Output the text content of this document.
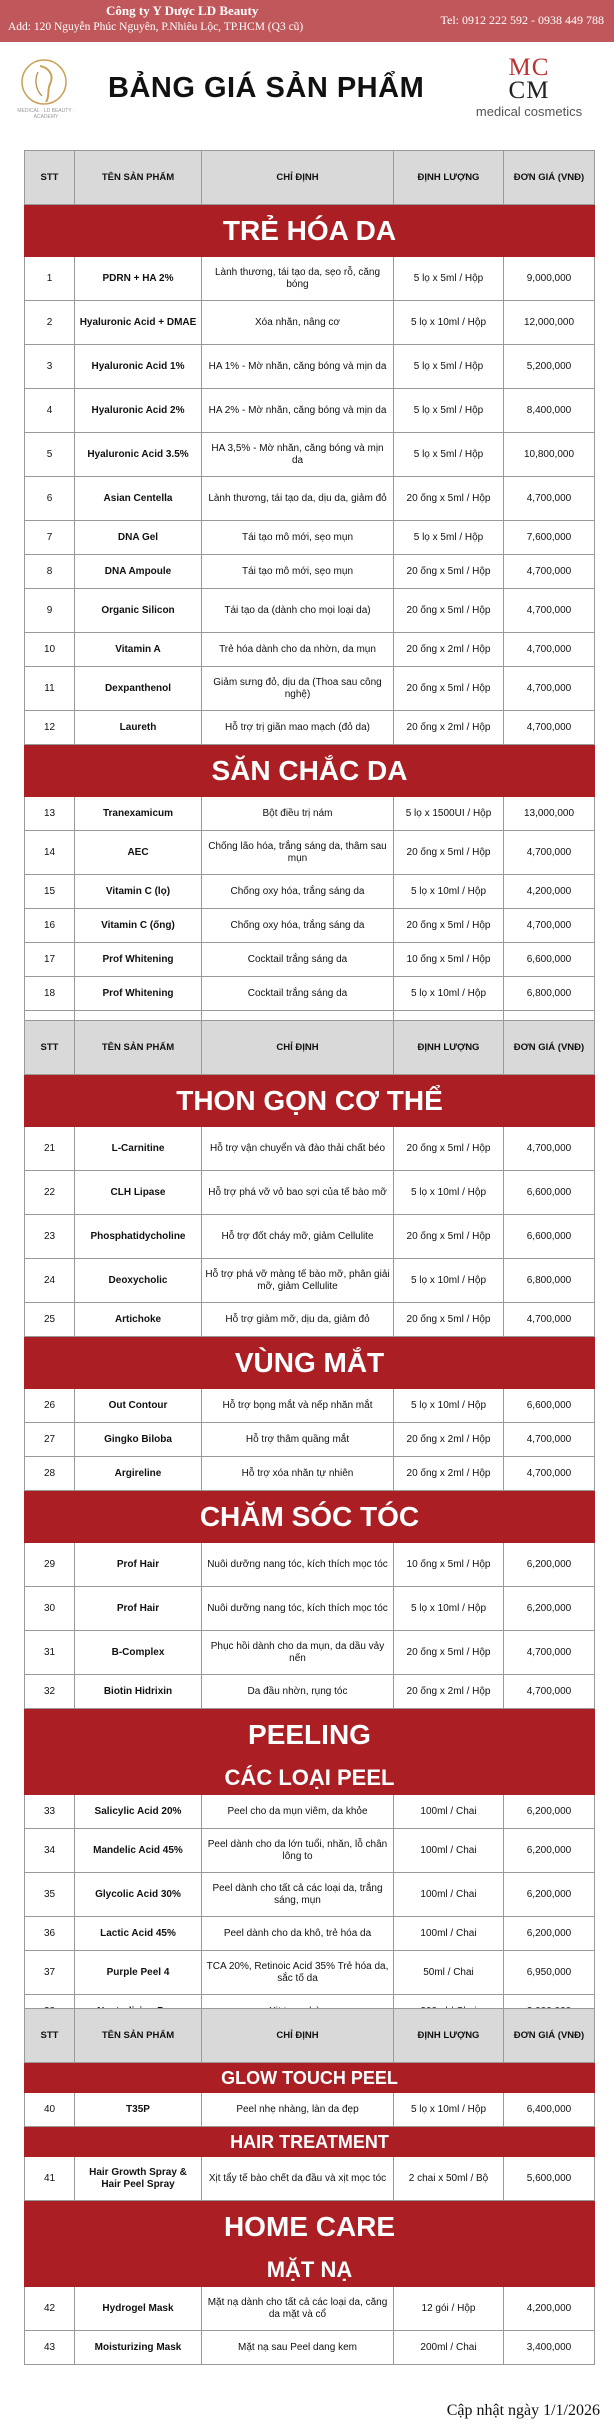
Công ty Y Dược LD Beauty
Add: 120 Nguyễn Phúc Nguyên, P.Nhiêu Lộc, TP.HCM (Q3 cũ)	Tel: 0912 222 592 - 0938 449 788
MEDICAL · LD BEAUTY · ACADEMY
BẢNG GIÁ SẢN PHẨM
MC
CM
medical cosmetics
STT	TÊN SẢN PHẨM	CHỈ ĐỊNH	ĐỊNH LƯỢNG	ĐƠN GIÁ (VNĐ)
TRẺ HÓA DA				
1	PDRN + HA 2%	Lành thương, tái tạo da, sẹo rỗ, căng bóng	5 lọ x 5ml / Hộp	9,000,000
2	Hyaluronic Acid + DMAE	Xóa nhăn, nâng cơ	5 lọ x 10ml / Hộp	12,000,000
3	Hyaluronic Acid 1%	HA 1% - Mờ nhăn, căng bóng và mịn da	5 lọ x 5ml / Hộp	5,200,000
4	Hyaluronic Acid 2%	HA 2% - Mờ nhăn, căng bóng và mịn da	5 lọ x 5ml / Hộp	8,400,000
5	Hyaluronic Acid 3.5%	HA 3,5% - Mờ nhăn, căng bóng và mịn da	5 lọ x 5ml / Hộp	10,800,000
6	Asian Centella	Lành thương, tái tạo da, dịu da, giảm đỏ	20 ống x 5ml / Hộp	4,700,000
7	DNA Gel	Tái tạo mô mới, sẹo mụn	5 lọ x 5ml / Hộp	7,600,000
8	DNA Ampoule	Tái tạo mô mới, sẹo mụn	20 ống x 5ml / Hộp	4,700,000
9	Organic Silicon	Tái tạo da (dành cho mọi loại da)	20 ống x 5ml / Hộp	4,700,000
10	Vitamin A	Trẻ hóa dành cho da nhờn, da mụn	20 ống x 2ml / Hộp	4,700,000
11	Dexpanthenol	Giảm sưng đỏ, dịu da (Thoa sau công nghệ)	20 ống x 5ml / Hộp	4,700,000
12	Laureth	Hỗ trợ trị giãn mao mạch (đỏ da)	20 ống x 2ml / Hộp	4,700,000
SĂN CHẮC DA				
13	Tranexamicum	Bột điều trị nám	5 lọ x 1500UI / Hộp	13,000,000
14	AEC	Chống lão hóa, trắng sáng da, thâm sau mụn	20 ống x 5ml / Hộp	4,700,000
15	Vitamin C (lọ)	Chống oxy hóa, trắng sáng da	5 lọ x 10ml / Hộp	4,200,000
16	Vitamin C (ống)	Chống oxy hóa, trắng sáng da	20 ống x 5ml / Hộp	4,700,000
17	Prof Whitening	Cocktail trắng sáng da	10 ống x 5ml / Hộp	6,600,000
18	Prof Whitening	Cocktail trắng sáng da	5 lọ x 10ml / Hộp	6,800,000

STT	TÊN SẢN PHẨM	CHỈ ĐỊNH	ĐỊNH LƯỢNG	ĐƠN GIÁ (VNĐ)
THON GỌN CƠ THỂ				
21	L-Carnitine	Hỗ trợ vận chuyển và đào thải chất béo	20 ống x 5ml / Hộp	4,700,000
22	CLH Lipase	Hỗ trợ phá vỡ vỏ bao sợi của tế bào mỡ	5 lọ x 10ml / Hộp	6,600,000
23	Phosphatidycholine	Hỗ trợ đốt cháy mỡ, giảm Cellulite	20 ống x 5ml / Hộp	6,600,000
24	Deoxycholic	Hỗ trợ phá vỡ màng tế bào mỡ, phân giải mỡ, giảm Cellulite	5 lọ x 10ml / Hộp	6,800,000
25	Artichoke	Hỗ trợ giảm mỡ, dịu da, giảm đỏ	20 ống x 5ml / Hộp	4,700,000
VÙNG MẮT				
26	Out Contour	Hỗ trợ bọng mắt và nếp nhăn mắt	5 lọ x 10ml / Hộp	6,600,000
27	Gingko Biloba	Hỗ trợ thâm quầng mắt	20 ống x 2ml / Hộp	4,700,000
28	Argireline	Hỗ trợ xóa nhăn tự nhiên	20 ống x 2ml / Hộp	4,700,000
CHĂM SÓC TÓC				
29	Prof Hair	Nuôi dưỡng nang tóc, kích thích mọc tóc	10 ống x 5ml / Hộp	6,200,000
30	Prof Hair	Nuôi dưỡng nang tóc, kích thích mọc tóc	5 lọ x 10ml / Hộp	6,200,000
31	B-Complex	Phục hồi dành cho da mụn, da dầu vảy nến	20 ống x 5ml / Hộp	4,700,000
32	Biotin Hidrixin	Da đầu nhờn, rụng tóc	20 ống x 2ml / Hộp	4,700,000
PEELING				
CÁC LOẠI PEEL				
33	Salicylic Acid 20%	Peel cho da mụn viêm, da khỏe	100ml / Chai	6,200,000
34	Mandelic Acid 45%	Peel dành cho da lớn tuổi, nhăn, lỗ chân lông to	100ml / Chai	6,200,000
35	Glycolic Acid 30%	Peel dành cho tất cả các loại da, trắng sáng, mụn	100ml / Chai	6,200,000
36	Lactic Acid 45%	Peel dành cho da khô, trẻ hóa da	100ml / Chai	6,200,000
37	Purple Peel 4	TCA 20%, Retinoic Acid 35% Trẻ hóa da, sắc tố da	50ml / Chai	6,950,000

STT	TÊN SẢN PHẨM	CHỈ ĐỊNH	ĐỊNH LƯỢNG	ĐƠN GIÁ (VNĐ)
GLOW TOUCH PEEL				
40	T35P	Peel nhẹ nhàng, làn da đẹp	5 lọ x 10ml / Hộp	6,400,000
HAIR TREATMENT				
41	Hair Growth Spray & Hair Peel Spray	Xịt tẩy tế bào chết da đầu và xịt mọc tóc	2 chai x 50ml / Bộ	5,600,000
HOME CARE				
MẶT NẠ				
42	Hydrogel Mask	Mặt nạ dành cho tất cả các loại da, căng da mặt và cổ	12 gói / Hộp	4,200,000
43	Moisturizing Mask	Mặt nạ sau Peel dang kem	200ml / Chai	3,400,000
Cập nhật ngày 1/1/2026
